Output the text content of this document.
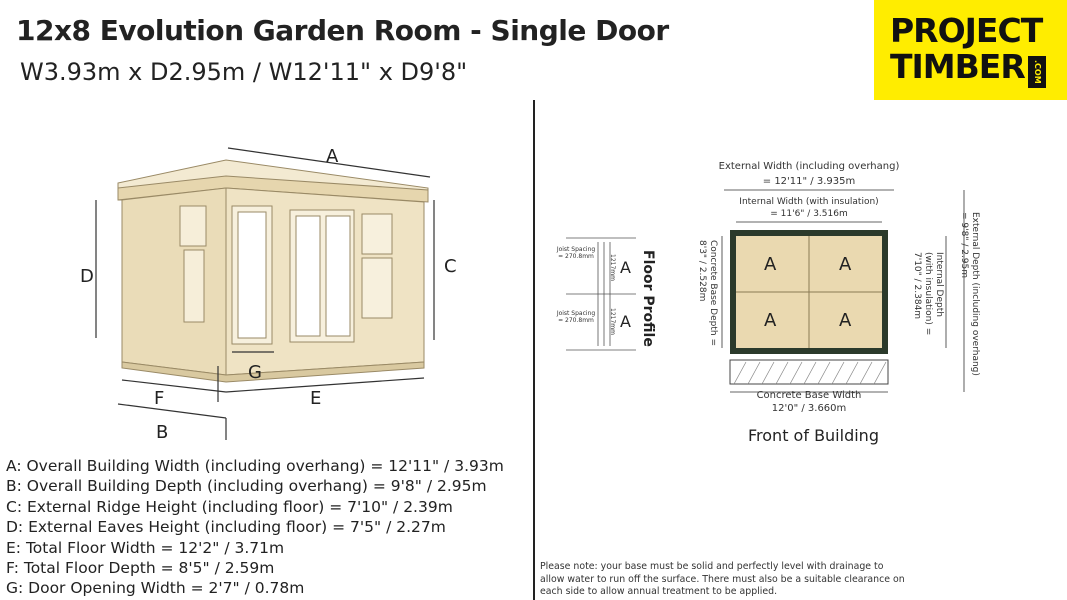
12x8 Evolution Garden Room - Single Door
W3.93m x D2.95m / W12'11" x D9'8"
PROJECT
TIMBER	.COM
A
C
D
G
F	E
B
A: Overall Building Width (including overhang) = 12'11" / 3.93m
B: Overall Building Depth (including overhang) = 9'8" / 2.95m
C: External Ridge Height (including floor) = 7'10" / 2.39m
D: External Eaves Height (including floor) = 7'5" / 2.27m
E: Total Floor Width = 12'2" / 3.71m
F: Total Floor Depth = 8'5" / 2.59m
G: Door Opening Width = 2'7" / 0.78m
Joist Spacing = 270.8mm
Joist Spacing = 270.8mm
1217mm
1217mm
A
A Floor Profile
External Width (including overhang)
= 12'11" / 3.935m
Internal Width (with insulation)
= 11'6" / 3.516m
A	A
A	A
Concrete Base Depth = 8'3" / 2.528m	Internal Depth (with insulation) = 7'10" / 2.384m	External Depth (including overhang) = 9'8" / 2.95m
Concrete Base Width
12'0" / 3.660m
Front of Building
Please note: your base must be solid and perfectly level with drainage to allow water to run off the surface. There must also be a suitable clearance on each side to allow annual treatment to be applied.
